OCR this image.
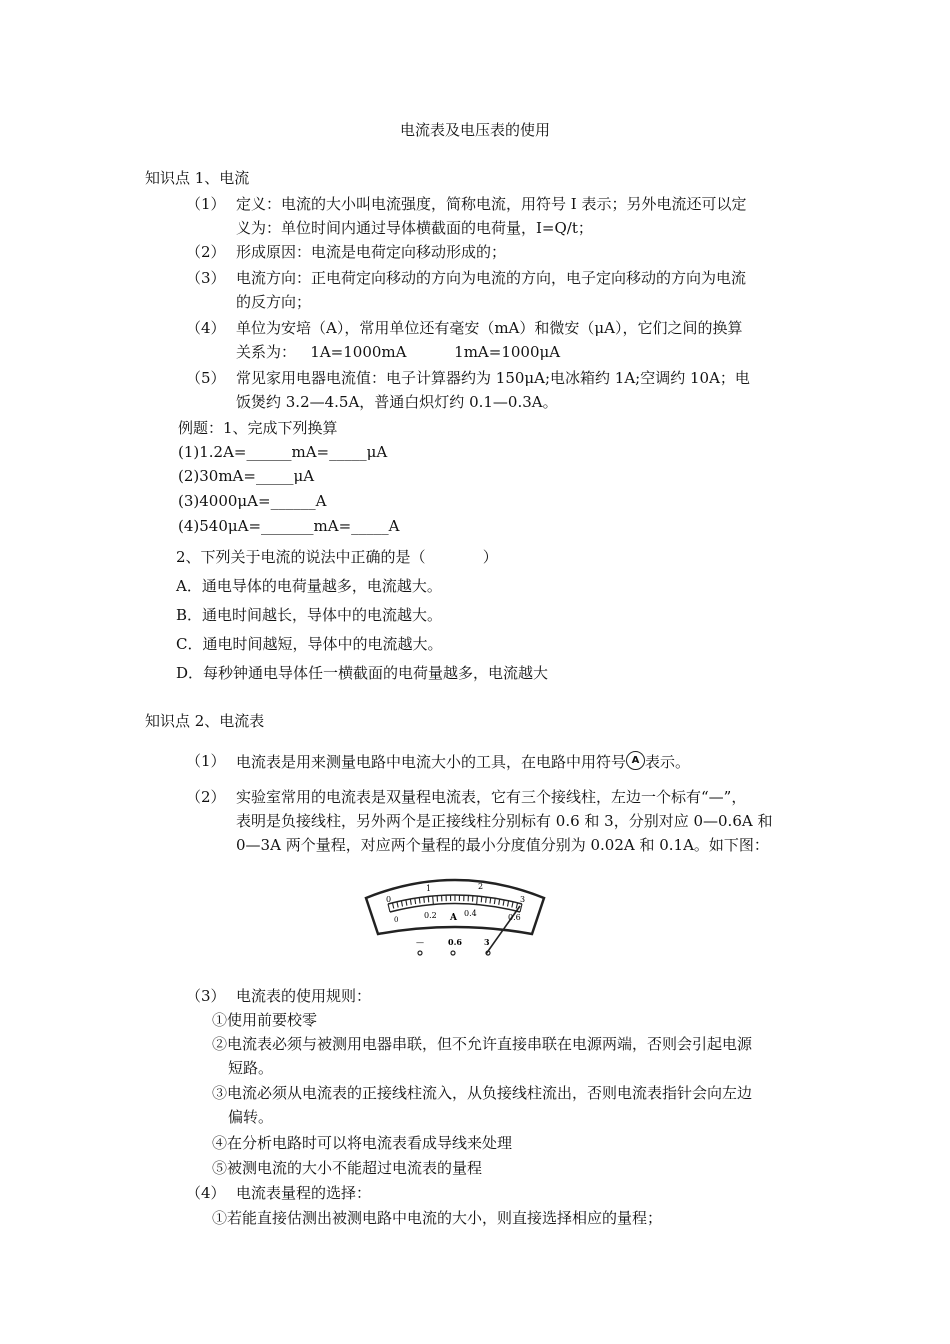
电流表及电压表的使用
知识点 1、电流
（1） 定义：电流的大小叫电流强度，简称电流，用符号 I 表示；另外电流还可以定
义为：单位时间内通过导体横截面的电荷量，I=Q/t；
（2） 形成原因：电流是电荷定向移动形成的；
（3） 电流方向：正电荷定向移动的方向为电流的方向，电子定向移动的方向为电流
的反方向；
（4） 单位为安培（A），常用单位还有毫安（mA）和微安（μA），它们之间的换算
关系为：   1A=1000mA          1mA=1000μA
（5） 常见家用电器电流值：电子计算器约为 150μA;电冰箱约 1A;空调约 10A；电
饭煲约 3.2—4.5A，普通白炽灯约 0.1—0.3A。
例题：1、完成下列换算
(1)1.2A=______mA=_____μA
(2)30mA=_____μA
(3)4000μA=______A
(4)540μA=_______mA=_____A
2、下列关于电流的说法中正确的是（            ）
A．通电导体的电荷量越多，电流越大。
B．通电时间越长，导体中的电流越大。
C．通电时间越短，导体中的电流越大。
D．每秒钟通电导体任一横截面的电荷量越多，电流越大
知识点 2、电流表
（1） 电流表是用来测量电路中电流大小的工具，在电路中用符号 A 表示。
（2） 实验室常用的电流表是双量程电流表，它有三个接线柱，左边一个标有“—”，
表明是负接线柱，另外两个是正接线柱分别标有 0.6 和 3，分别对应 0—0.6A 和
0—3A 两个量程，对应两个量程的最小分度值分别为 0.02A 和 0.1A。如下图：
0
1	2
3
0	0.2 A 0.4	0.6
—	0.6	3
（3） 电流表的使用规则：
①使用前要校零
②电流表必须与被测用电器串联，但不允许直接串联在电源两端，否则会引起电源
短路。
③电流必须从电流表的正接线柱流入，从负接线柱流出，否则电流表指针会向左边
偏转。
④在分析电路时可以将电流表看成导线来处理
⑤被测电流的大小不能超过电流表的量程
（4） 电流表量程的选择：
①若能直接估测出被测电路中电流的大小，则直接选择相应的量程；
